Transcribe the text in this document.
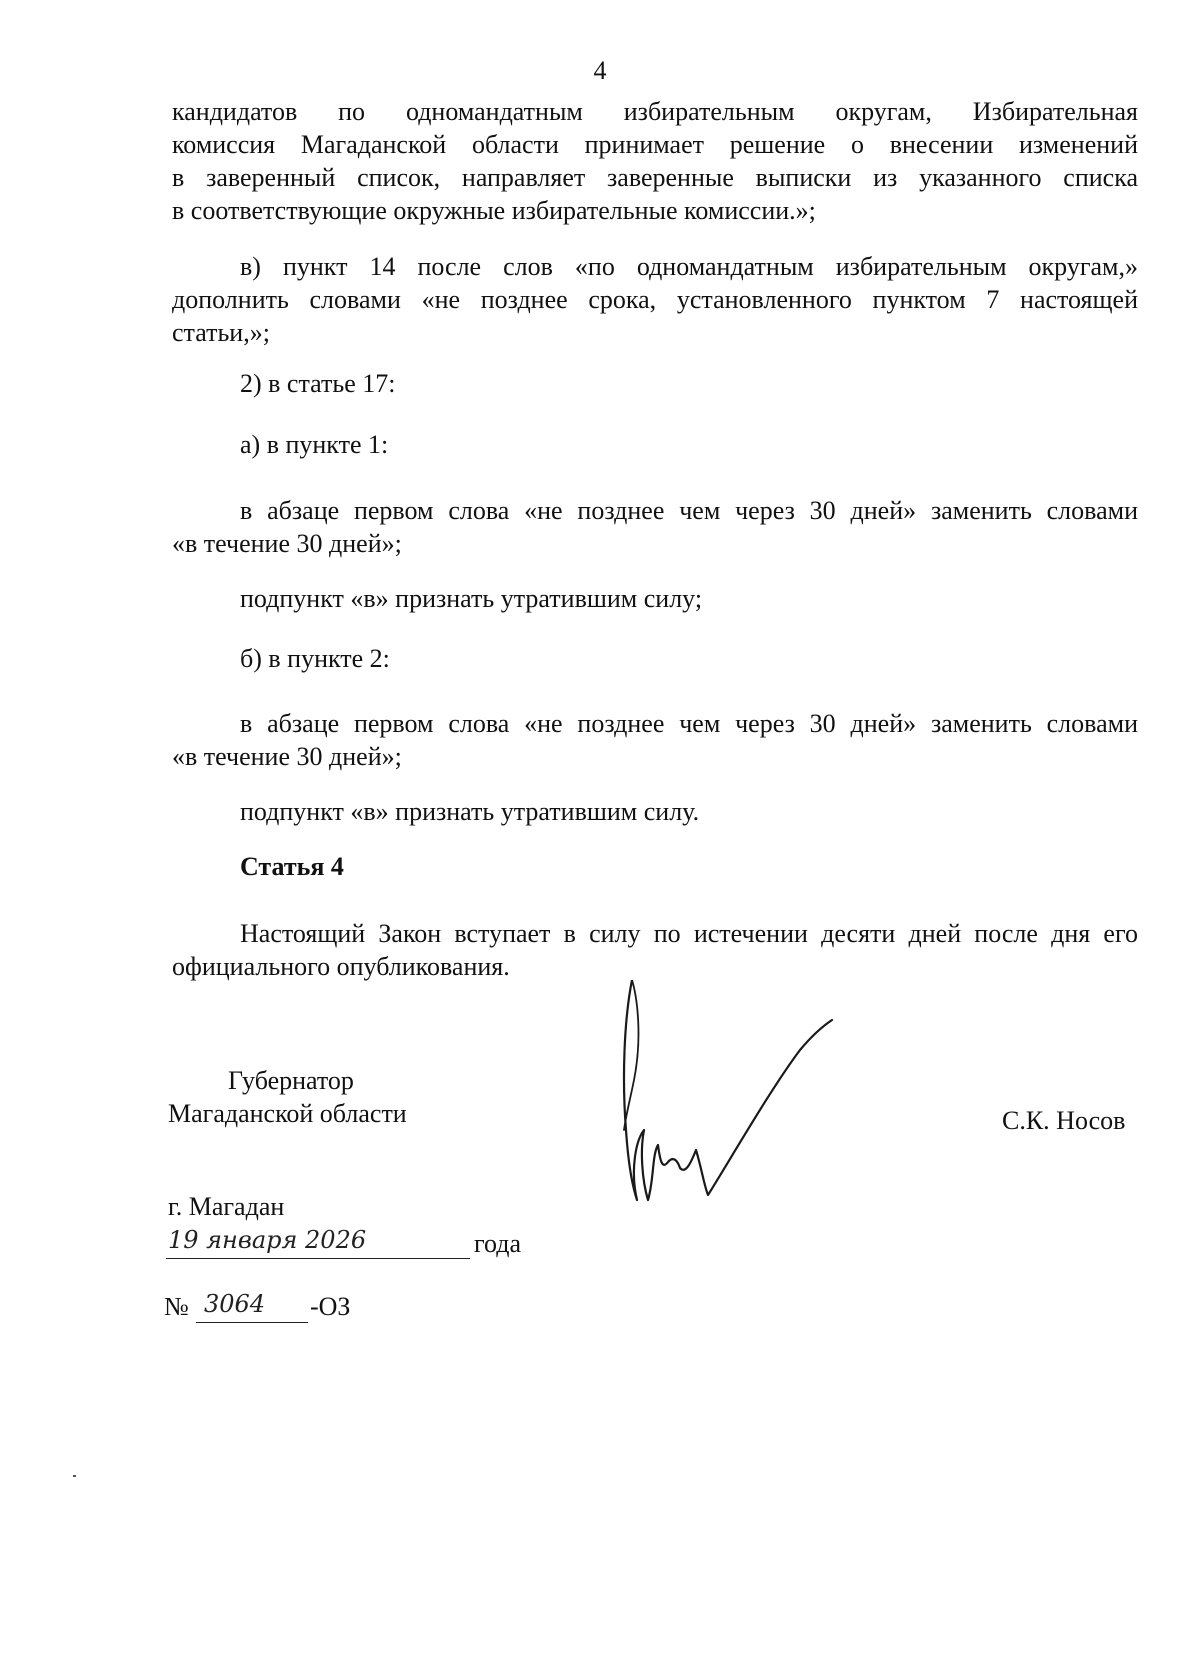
4
кандидатов по одномандатным избирательным округам, Избирательная
комиссия Магаданской области принимает решение о внесении изменений
в заверенный список, направляет заверенные выписки из указанного списка
в соответствующие окружные избирательные комиссии.»;
в) пункт 14 после слов «по одномандатным избирательным округам,»
дополнить словами «не позднее срока, установленного пунктом 7 настоящей
статьи,»;

2) в статье 17:

а) в пункте 1:

в абзаце первом слова «не позднее чем через 30 дней» заменить словами
«в течение 30 дней»;

подпункт «в» признать утратившим силу;

б) в пункте 2:

в абзаце первом слова «не позднее чем через 30 дней» заменить словами
«в течение 30 дней»;

подпункт «в» признать утратившим силу.

Статья 4

Настоящий Закон вступает в силу по истечении десяти дней после дня его
официального опубликования.

Губернатор

Магаданской области	С.К. Носов

г. Магадан

19 января 2026	года

№ 3064 -ОЗ
